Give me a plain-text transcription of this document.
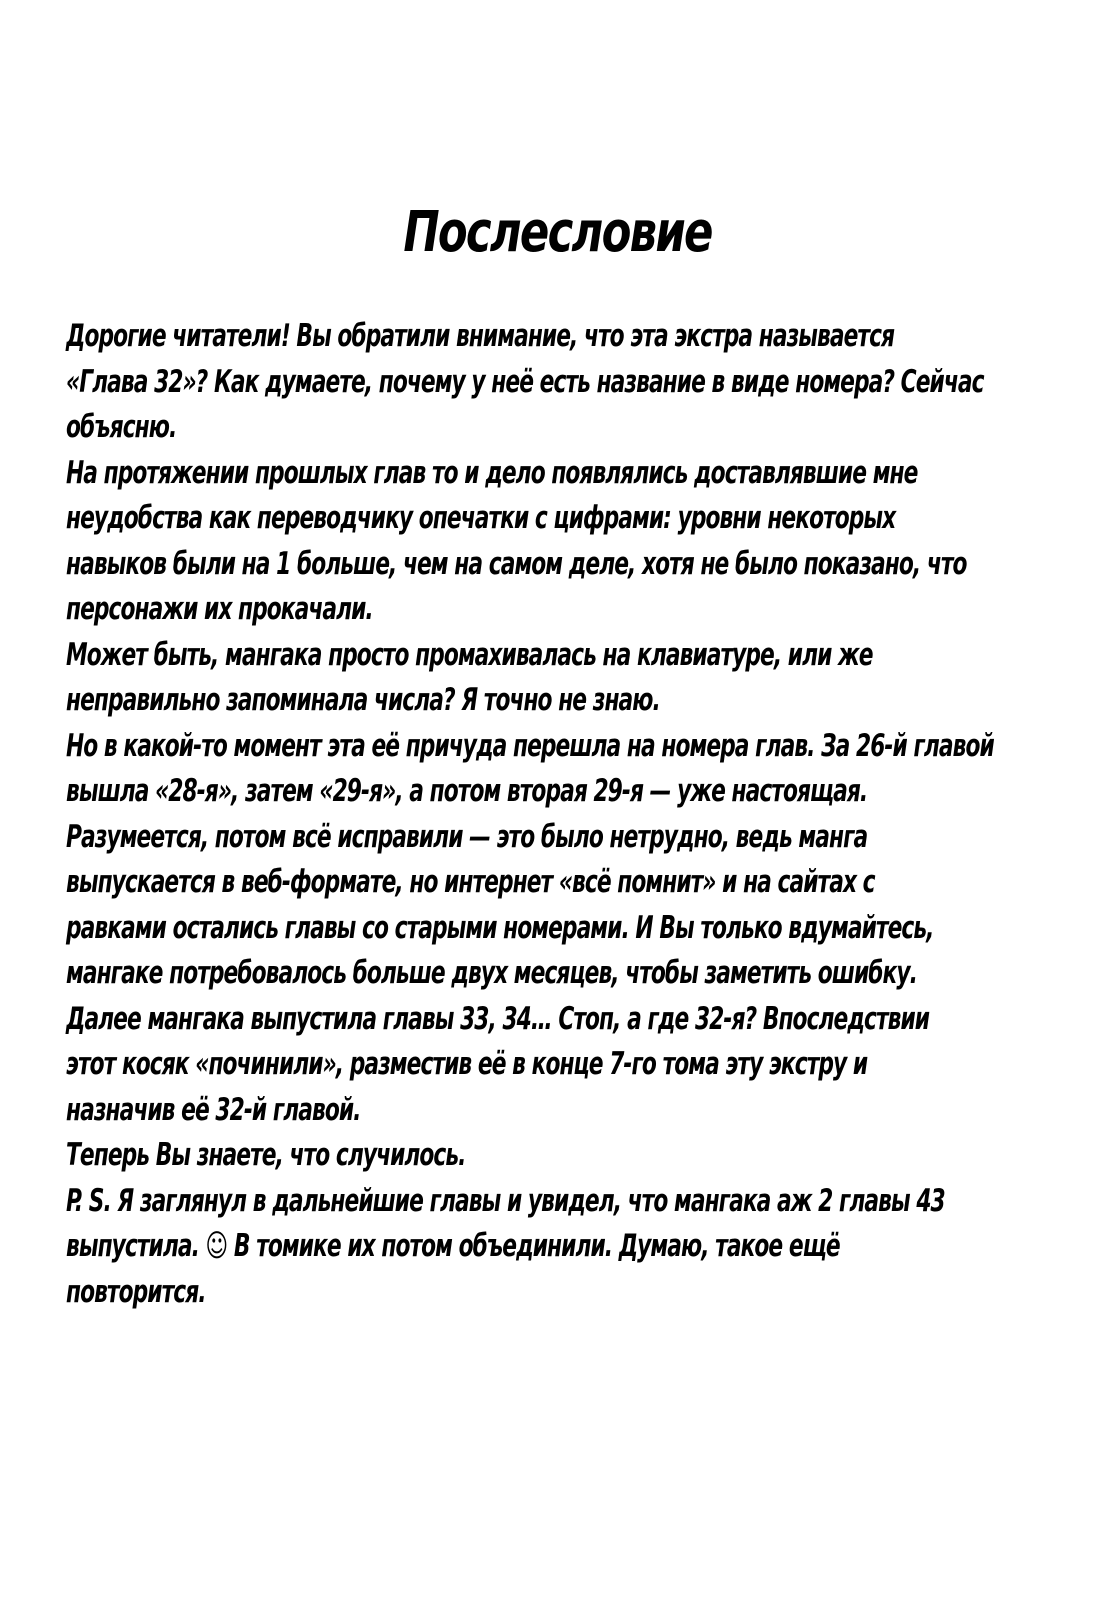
Послесловие
Дорогие читатели! Вы обратили внимание, что эта экстра называется
«Глава 32»? Как думаете, почему у неё есть название в виде номера? Сейчас
объясню.
На протяжении прошлых глав то и дело появлялись доставлявшие мне
неудобства как переводчику опечатки с цифрами: уровни некоторых
навыков были на 1 больше, чем на самом деле, хотя не было показано, что
персонажи их прокачали.
Может быть, мангака просто промахивалась на клавиатуре, или же
неправильно запоминала числа? Я точно не знаю.
Но в какой-то момент эта её причуда перешла на номера глав. За 26-й главой
вышла «28-я», затем «29-я», а потом вторая 29-я — уже настоящая.
Разумеется, потом всё исправили — это было нетрудно, ведь манга
выпускается в веб-формате, но интернет «всё помнит» и на сайтах с
равками остались главы со старыми номерами. И Вы только вдумайтесь,
мангаке потребовалось больше двух месяцев, чтобы заметить ошибку.
Далее мангака выпустила главы 33, 34… Стоп, а где 32-я? Впоследствии
этот косяк «починили», разместив её в конце 7-го тома эту экстру и
назначив её 32-й главой.
Теперь Вы знаете, что случилось.
P. S. Я заглянул в дальнейшие главы и увидел, что мангака аж 2 главы 43
выпустила. ☺ В томике их потом объединили. Думаю, такое ещё
повторится.
